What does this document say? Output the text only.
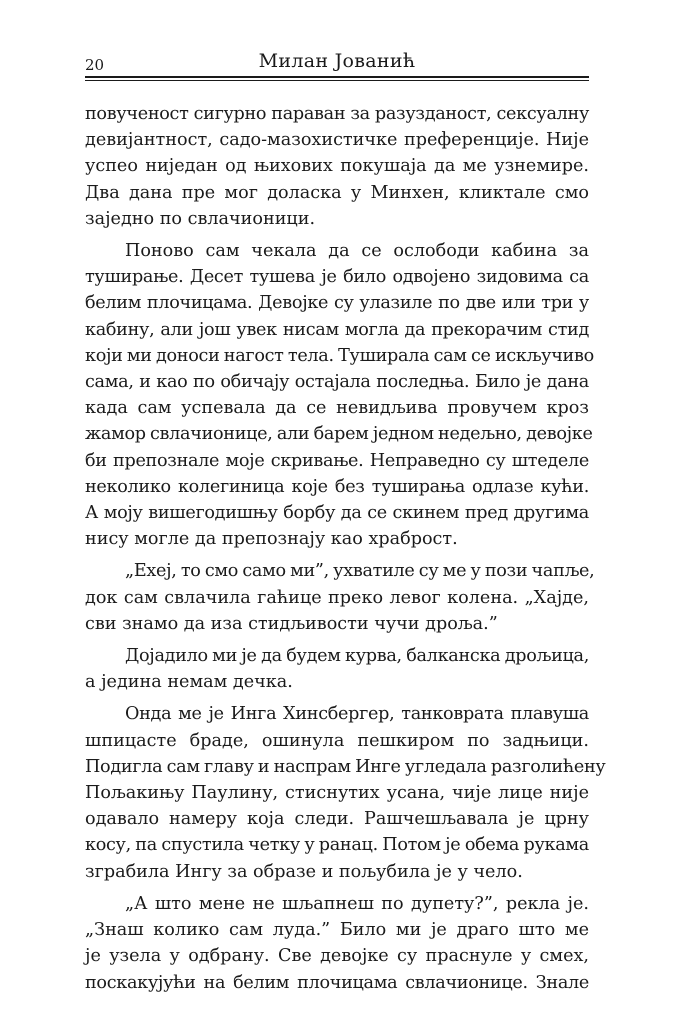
20	Милан Јованић

повученост сигурно параван за разузданост, сексуалну
девијантност, садо-мазохистичке преференције. Није
успео ниједан од њихових покушаја да ме узнемире.
Два дана пре мог доласка у Минхен, кликтале смо
заједно по свлачионици.

Поново сам чекала да се ослободи кабина за
туширање. Десет тушева је било одвојено зидовима са
белим плочицама. Девојке су улазиле по две или три у
кабину, али још увек нисам могла да прекорачим стид
који ми доноси нагост тела. Туширала сам се искључиво
сама, и као по обичају остајала последња. Било је дана
када сам успевала да се невидљива провучем кроз
жамор свлачионице, али барем једном недељно, девојке
би препознале моје скривање. Неправедно су штеделе
неколико колегиница које без туширања одлазе кући.
А моју вишегодишњу борбу да се скинем пред другима
нису могле да препознају као храброст.

„Ехеј, то смо само ми”, ухватиле су ме у пози чапље,
док сам свлачила гаћице преко левог колена. „Хајде,
сви знамо да иза стидљивости чучи дроља.”

Дојадило ми је да будем курва, балканска дрољица,
а једина немам дечка.

Онда ме је Инга Хинсбергер, танковрата плавуша
шпицасте браде, ошинула пешкиром по задњици.
Подигла сам главу и наспрам Инге угледала разголићену
Пољакињу Паулину, стиснутих усана, чије лице није
одавало намеру која следи. Рашчешљавала је црну
косу, па спустила четку у ранац. Потом је обема рукама
зграбила Ингу за образе и пољубила је у чело.

„А што мене не шљапнеш по дупету?”, рекла је.
„Знаш колико сам луда.” Било ми је драго што ме
је узела у одбрану. Све девојке су праснуле у смех,
поскакујући на белим плочицама свлачионице. Знале
